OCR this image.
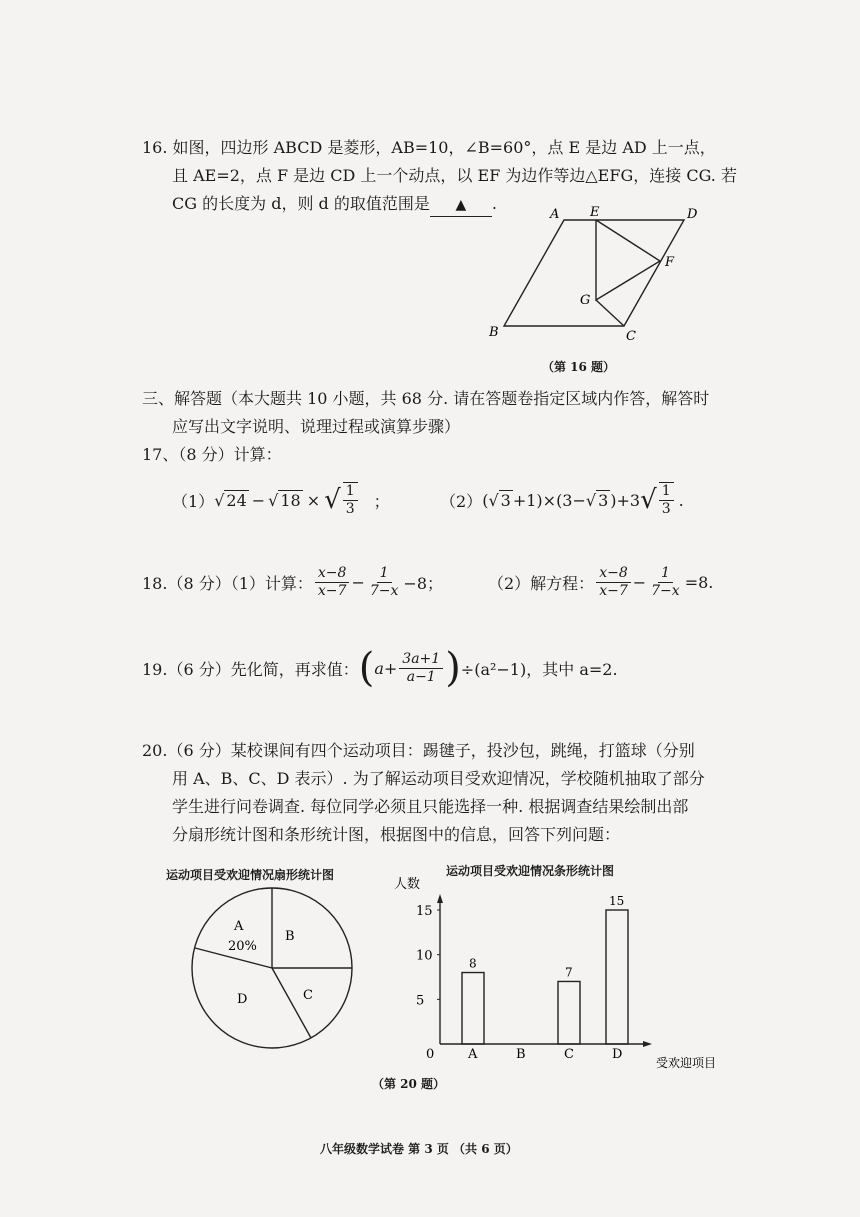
16. 如图，四边形 ABCD 是菱形，AB=10，∠B=60°，点 E 是边 AD 上一点，
且 AE=2，点 F 是边 CD 上一个动点，以 EF 为边作等边△EFG，连接 CG. 若
CG 的长度为 d，则 d 的取值范围是 ▲ .
A E	D
F
G
B	C
（第 16 题）
三、解答题（本大题共 10 小题，共 68 分. 请在答题卷指定区域内作答，解答时
应写出文字说明、说理过程或演算步骤）
17、（8 分）计算：
（1） √ 24 − √ 18 × √ $\frac{1}{3}$ ；	（2） ( √ 3 +1)×(3− √ 3 )+3 √ $\frac{1}{3}$ .
18.（8 分）（1）计算： $\frac{x-8}{x-7} - \frac{1}{7-x} -8$；	（2）解方程： $\frac{x-8}{x-7} - \frac{1}{7-x} =8$.
19.（6 分）先化简，再求值： ( $a+ \frac{3a+1}{a-1}$ ) ÷(a²−1)，其中 a=2.
20.（6 分）某校课间有四个运动项目：踢毽子，投沙包，跳绳，打篮球（分别
用 A、B、C、D 表示）. 为了解运动项目受欢迎情况，学校随机抽取了部分
学生进行问卷调查. 每位同学必须且只能选择一种. 根据调查结果绘制出部
分扇形统计图和条形统计图，根据图中的信息，回答下列问题：
运动项目受欢迎情况扇形统计图
A
20%
B
C
D
运动项目受欢迎情况条形统计图
人数
0
5
10
15
A
8
B	C
7
D
15
受欢迎项目
（第 20 题）
八年级数学试卷 第 3 页 （共 6 页）
